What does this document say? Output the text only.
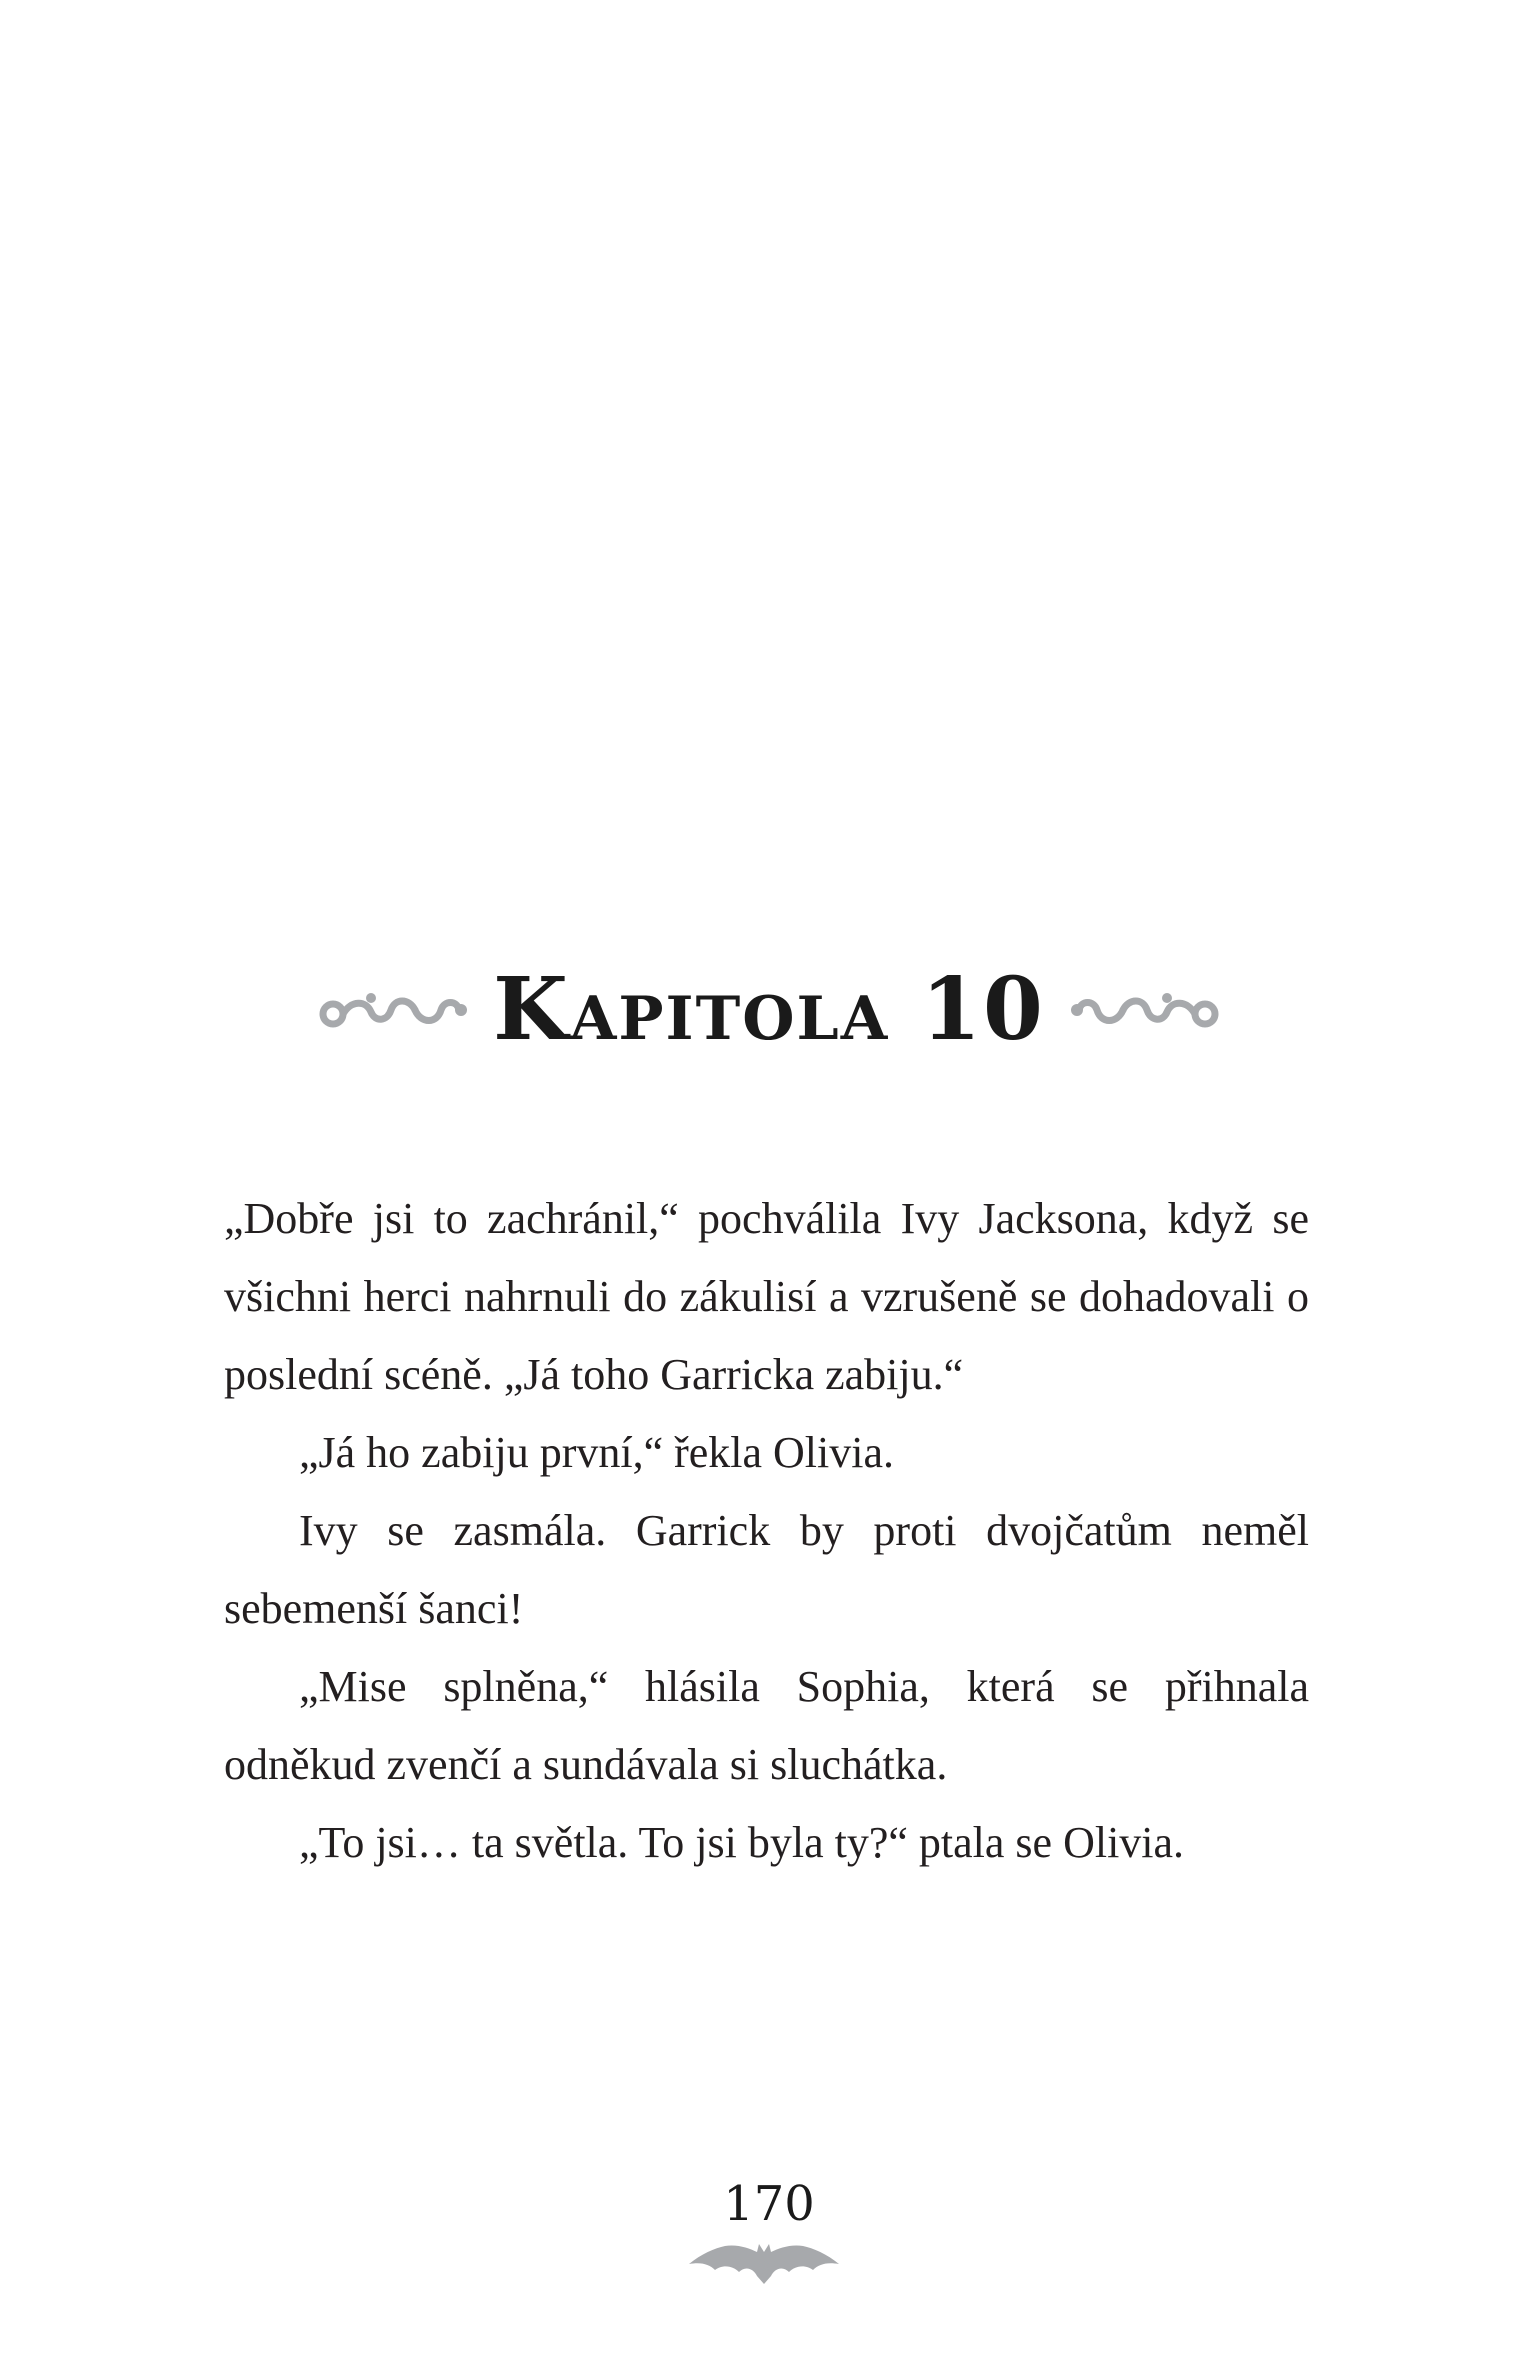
Kapitola 10

„Dobře jsi to zachránil,“ pochválila Ivy Jacksona, když se všichni herci nahrnuli do zákulisí a vzrušeně se dohadovali o poslední scéně. „Já toho Garricka zabiju.“

„Já ho zabiju první,“ řekla Olivia.

Ivy se zasmála. Garrick by proti dvojčatům neměl sebemenší šanci!

„Mise splněna,“ hlásila Sophia, která se přihnala odněkud zvenčí a sundávala si sluchátka.

„To jsi… ta světla. To jsi byla ty?“ ptala se Olivia.

170
